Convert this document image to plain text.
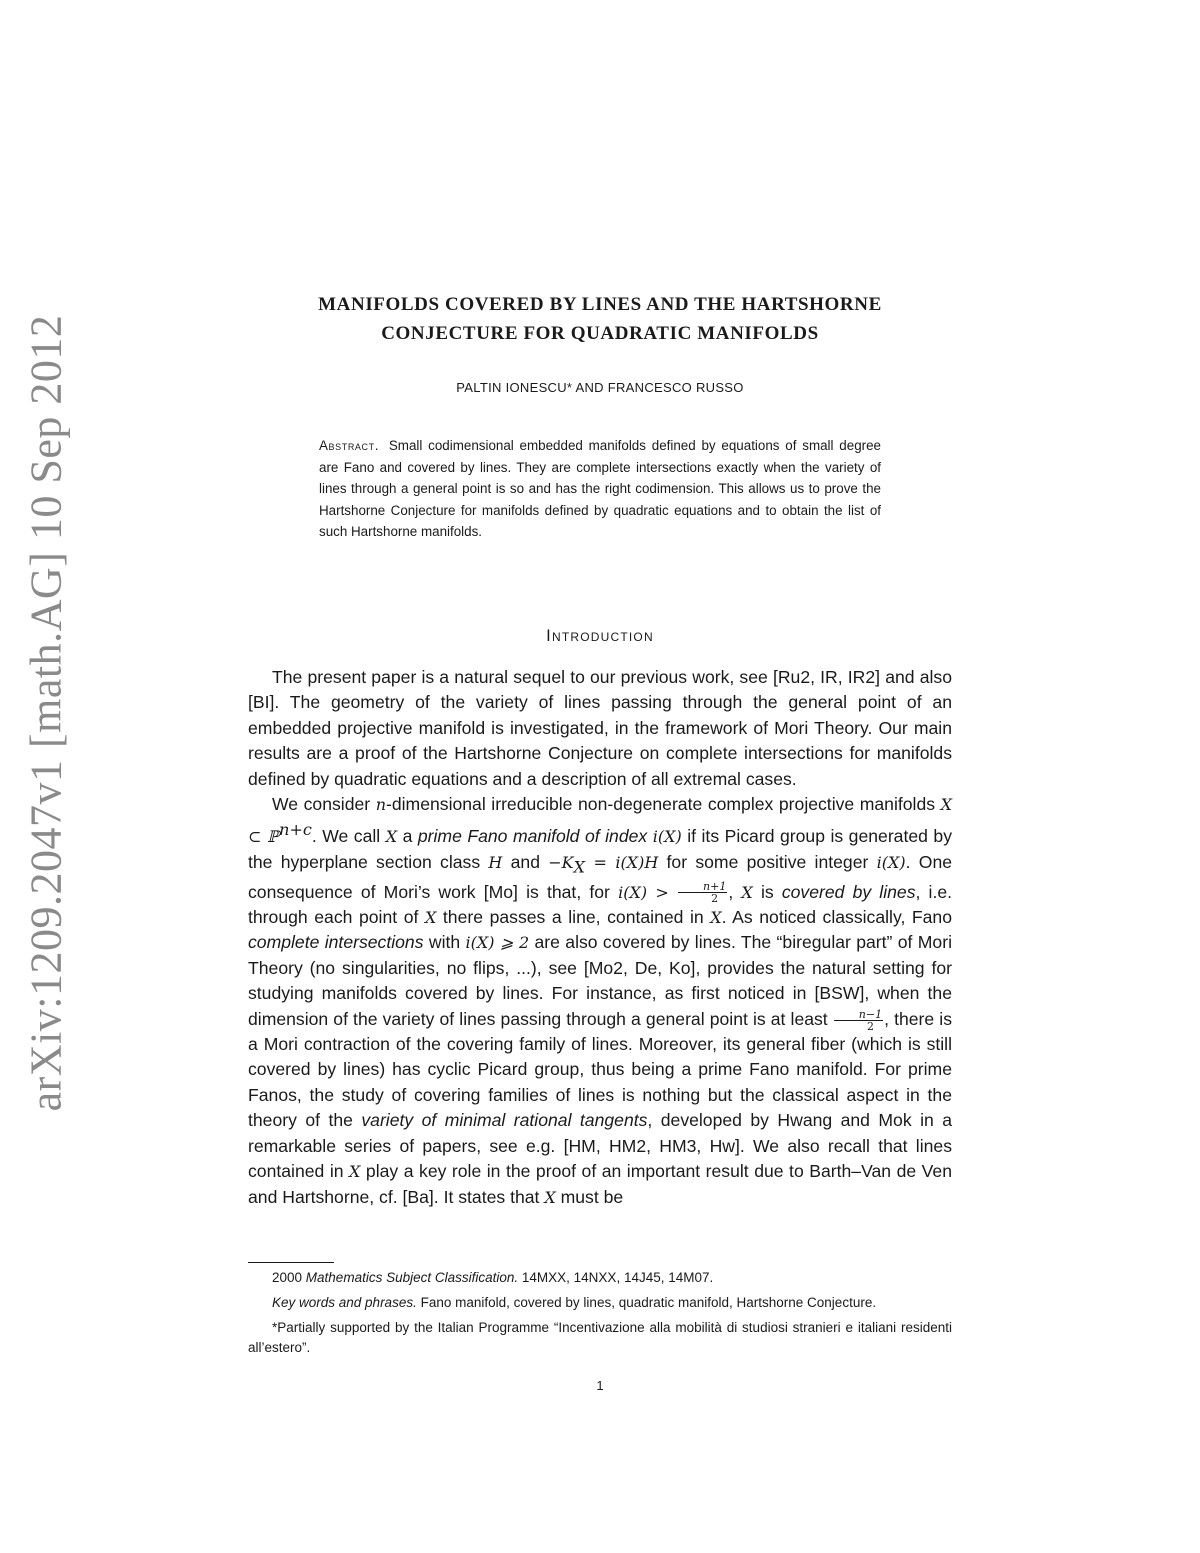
arXiv:1209.2047v1 [math.AG] 10 Sep 2012
MANIFOLDS COVERED BY LINES AND THE HARTSHORNE
CONJECTURE FOR QUADRATIC MANIFOLDS
PALTIN IONESCU* AND FRANCESCO RUSSO
Abstract. Small codimensional embedded manifolds defined by equations of small degree are Fano and covered by lines. They are complete intersections exactly when the variety of lines through a general point is so and has the right codimension. This allows us to prove the Hartshorne Conjecture for manifolds defined by quadratic equations and to obtain the list of such Hartshorne manifolds.
Introduction

The present paper is a natural sequel to our previous work, see [Ru2, IR, IR2] and also [BI]. The geometry of the variety of lines passing through the general point of an embedded projective manifold is investigated, in the framework of Mori Theory. Our main results are a proof of the Hartshorne Conjecture on complete intersections for manifolds defined by quadratic equations and a description of all extremal cases.

We consider n-dimensional irreducible non-degenerate complex projective manifolds X ⊂ ℙ$^{n+c}$. We call X a prime Fano manifold of index i(X) if its Picard group is generated by the hyperplane section class H and $-K_X = i(X)H$ for some positive integer i(X). One consequence of Mori’s work [Mo] is that, for $i(X) > \frac{n+1}{2}$ , X is covered by lines, i.e. through each point of X there passes a line, contained in X. As noticed classically, Fano complete intersections with i(X) ⩾ 2 are also covered by lines. The “biregular part” of Mori Theory (no singularities, no flips, ...), see [Mo2, De, Ko], provides the natural setting for studying manifolds covered by lines. For instance, as first noticed in [BSW], when the dimension of the variety of lines passing through a general point is at least $\frac{n-1}{2}$ , there is a Mori contraction of the covering family of lines. Moreover, its general fiber (which is still covered by lines) has cyclic Picard group, thus being a prime Fano manifold. For prime Fanos, the study of covering families of lines is nothing but the classical aspect in the theory of the variety of minimal rational tangents, developed by Hwang and Mok in a remarkable series of papers, see e.g. [HM, HM2, HM3, Hw]. We also recall that lines contained in X play a key role in the proof of an important result due to Barth–Van de Ven and Hartshorne, cf. [Ba]. It states that X must be

2000 Mathematics Subject Classification. 14MXX, 14NXX, 14J45, 14M07.

Key words and phrases. Fano manifold, covered by lines, quadratic manifold, Hartshorne Conjecture.

*Partially supported by the Italian Programme “Incentivazione alla mobilità di studiosi stranieri e italiani residenti all’estero”.

1
